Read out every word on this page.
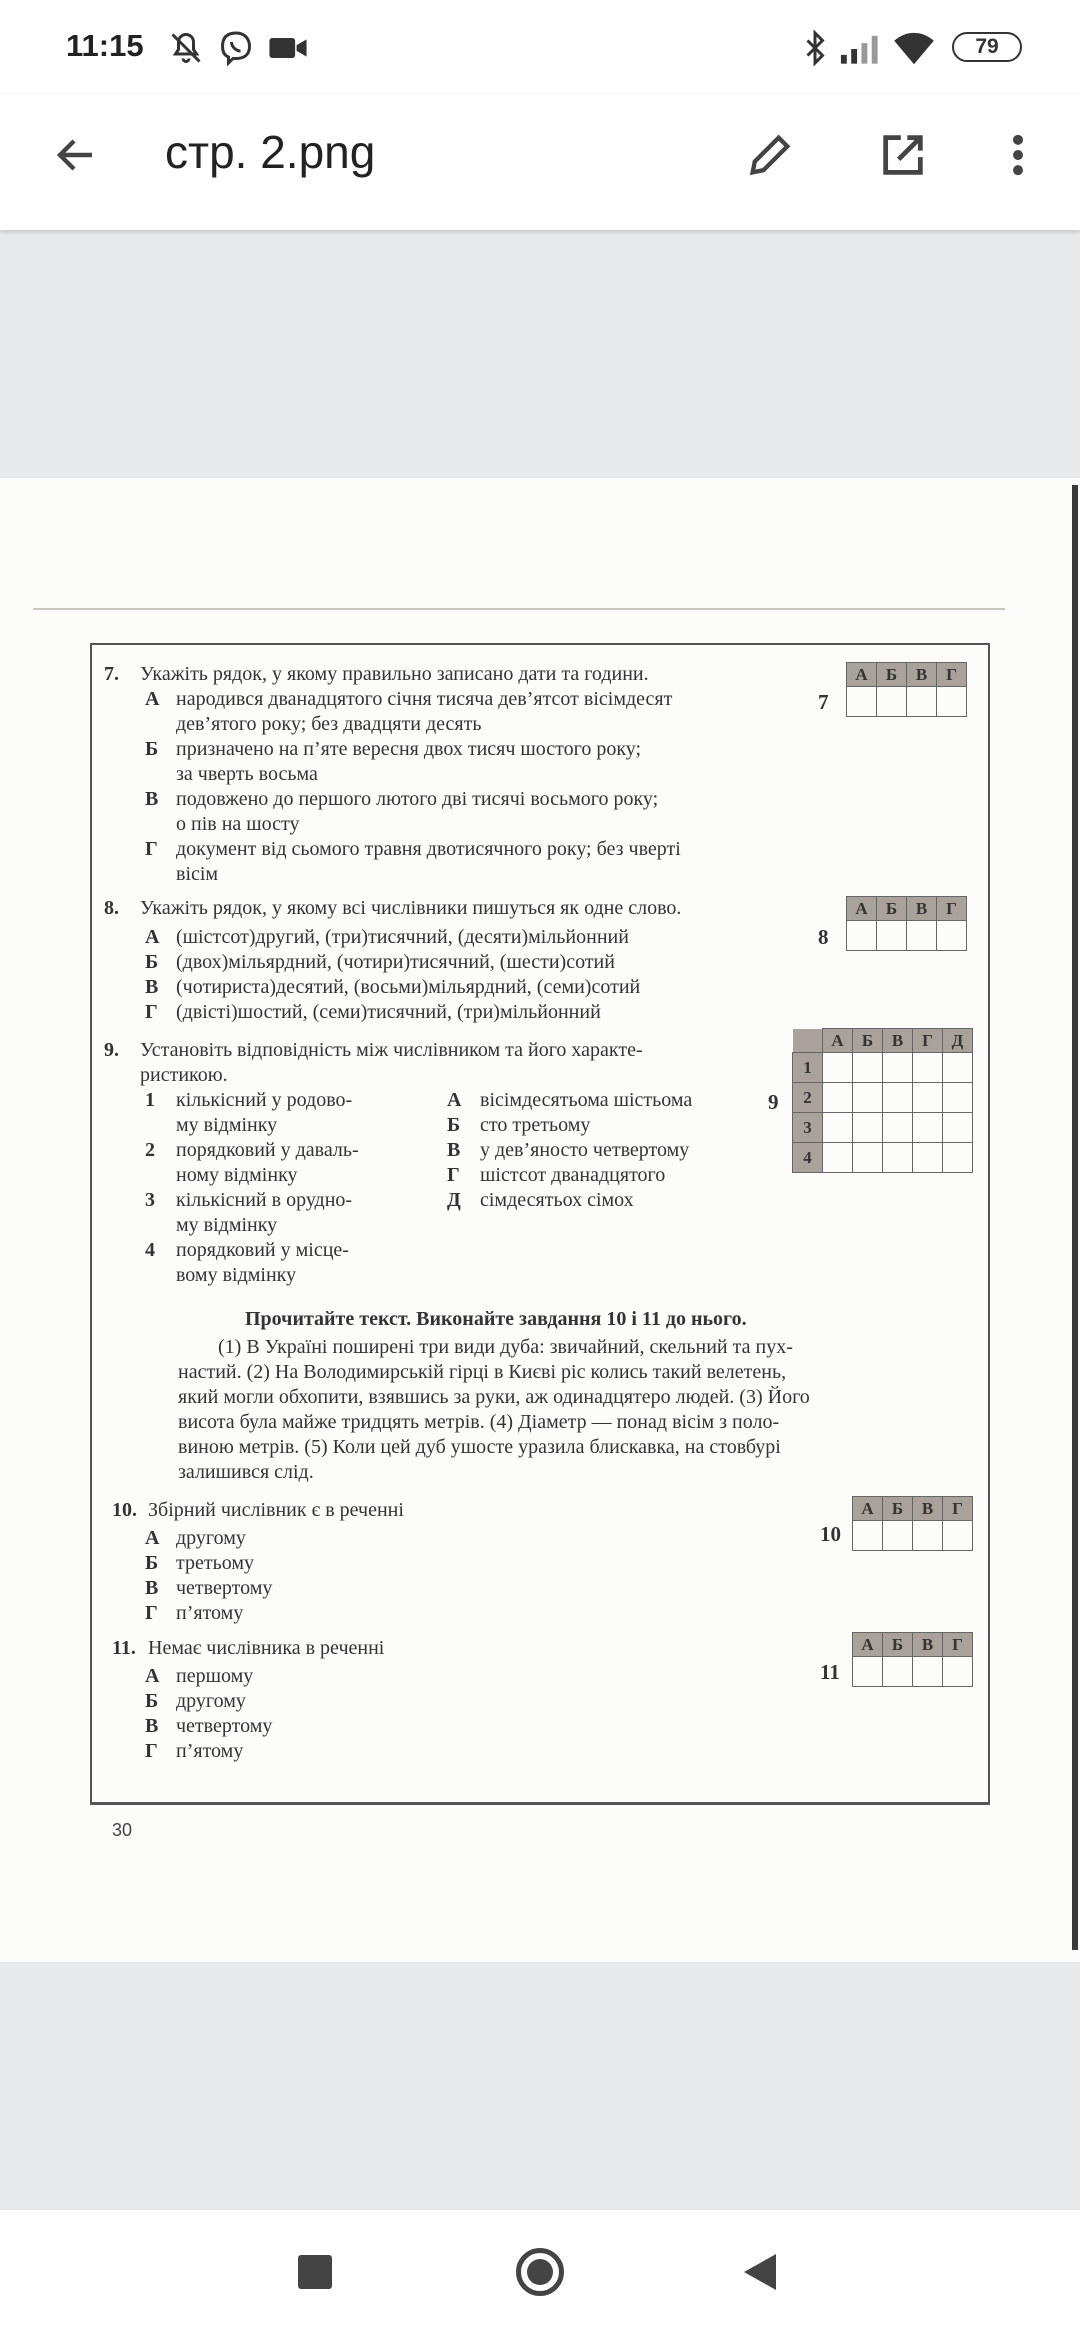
11:15	79
стр. 2.png
7. Укажіть рядок, у якому правильно записано дати та години.
А народився дванадцятого січня тисяча дев’ятсот вісімдесят
дев’ятого року; без двадцяти десять
Б призначено на п’яте вересня двох тисяч шостого року;
за чверть восьма
В подовжено до першого лютого дві тисячі восьмого року;
о пів на шосту
Г документ від сьомого травня двотисячного року; без чверті
вісім
А	Б	В	Г

7
8. Укажіть рядок, у якому всі числівники пишуться як одне слово.
А (шістсот)другий, (три)тисячний, (десяти)мільйонний
Б (двох)мільярдний, (чотири)тисячний, (шести)сотий
В (чотириста)десятий, (восьми)мільярдний, (семи)сотий
Г (двісті)шостий, (семи)тисячний, (три)мільйонний
А	Б	В	Г

8
9. Установіть відповідність між числівником та його характе-
ристикою.
1 кількісний у родово-
му відмінку
2 порядковий у даваль-
ному відмінку
3 кількісний в орудно-
му відмінку
4 порядковий у місце-
вому відмінку
А вісімдесятьома шістьома
Б сто третьому
В у дев’яносто четвертому
Г шістсот дванадцятого
Д сімдесятьох сімох
	А	Б	В	Г	Д
1					
2					
3					
4					
9
Прочитайте текст. Виконайте завдання 10 і 11 до нього.
(1) В Україні поширені три види дуба: звичайний, скельний та пух-
настий. (2) На Володимирській гірці в Києві ріс колись такий велетень,
який могли обхопити, взявшись за руки, аж одинадцятеро людей. (3) Його
висота була майже тридцять метрів. (4) Діаметр — понад вісім з поло-
виною метрів. (5) Коли цей дуб ушосте уразила блискавка, на стовбурі
залишився слід.
10. Збірний числівник є в реченні
А другому
Б третьому
В четвертому
Г п’ятому
А	Б	В	Г

10
11. Немає числівника в реченні
А першому
Б другому
В четвертому
Г п’ятому
А	Б	В	Г

11
30
